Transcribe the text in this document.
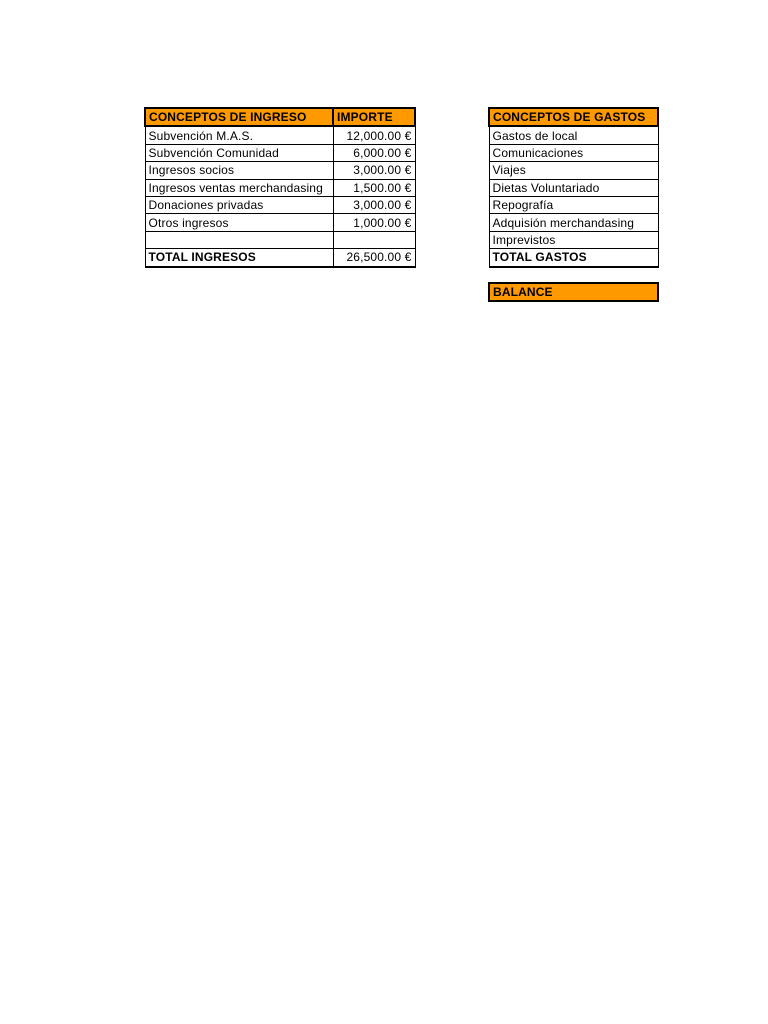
CONCEPTOS DE INGRESO	IMPORTE
Subvención M.A.S.	12,000.00 €
Subvención Comunidad	6,000.00 €
Ingresos socios	3,000.00 €
Ingresos ventas merchandasing	1,500.00 €
Donaciones privadas	3,000.00 €
Otros ingresos	1,000.00 €

TOTAL INGRESOS	26,500.00 €
CONCEPTOS DE GASTOS
Gastos de local
Comunicaciones
Viajes
Dietas Voluntariado
Repografía
Adquisión merchandasing
Imprevistos
TOTAL GASTOS
BALANCE
